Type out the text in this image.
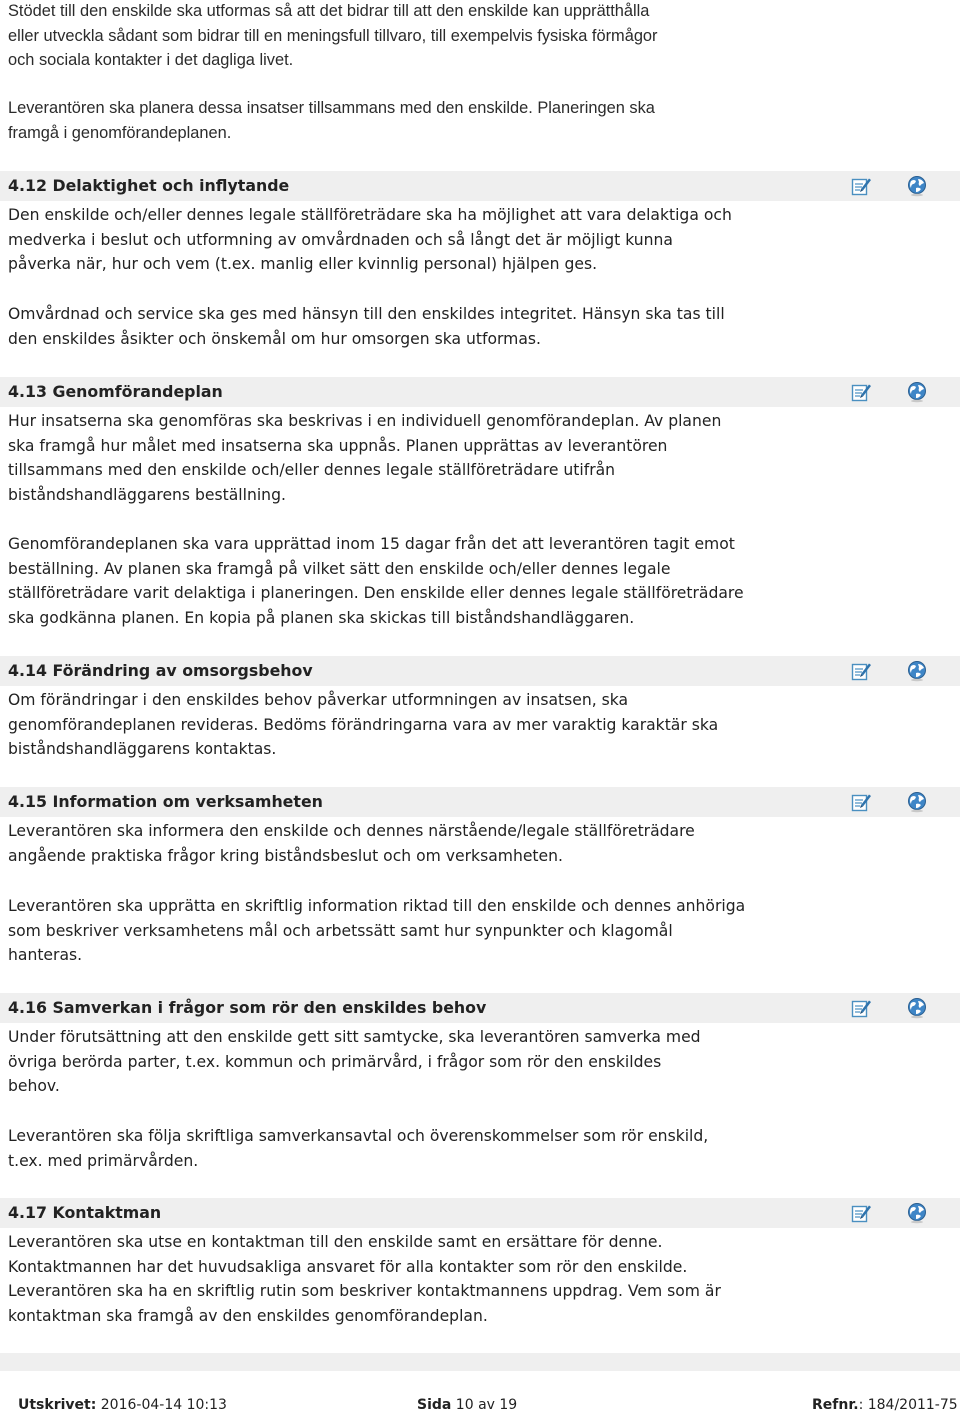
Stödet till den enskilde ska utformas så att det bidrar till att den enskilde kan upprätthålla
eller utveckla sådant som bidrar till en meningsfull tillvaro, till exempelvis fysiska förmågor
och sociala kontakter i det dagliga livet.

Leverantören ska planera dessa insatser tillsammans med den enskilde. Planeringen ska
framgå i genomförandeplanen.

4.12 Delaktighet och inflytande

Den enskilde och/eller dennes legale ställföreträdare ska ha möjlighet att vara delaktiga och
medverka i beslut och utformning av omvårdnaden och så långt det är möjligt kunna
påverka när, hur och vem (t.ex. manlig eller kvinnlig personal) hjälpen ges.

Omvårdnad och service ska ges med hänsyn till den enskildes integritet. Hänsyn ska tas till
den enskildes åsikter och önskemål om hur omsorgen ska utformas.

4.13 Genomförandeplan

Hur insatserna ska genomföras ska beskrivas i en individuell genomförandeplan. Av planen
ska framgå hur målet med insatserna ska uppnås. Planen upprättas av leverantören
tillsammans med den enskilde och/eller dennes legale ställföreträdare utifrån
biståndshandläggarens beställning.

Genomförandeplanen ska vara upprättad inom 15 dagar från det att leverantören tagit emot
beställning. Av planen ska framgå på vilket sätt den enskilde och/eller dennes legale
ställföreträdare varit delaktiga i planeringen. Den enskilde eller dennes legale ställföreträdare
ska godkänna planen. En kopia på planen ska skickas till biståndshandläggaren.

4.14 Förändring av omsorgsbehov

Om förändringar i den enskildes behov påverkar utformningen av insatsen, ska
genomförandeplanen revideras. Bedöms förändringarna vara av mer varaktig karaktär ska
biståndshandläggarens kontaktas.

4.15 Information om verksamheten

Leverantören ska informera den enskilde och dennes närstående/legale ställföreträdare
angående praktiska frågor kring biståndsbeslut och om verksamheten.

Leverantören ska upprätta en skriftlig information riktad till den enskilde och dennes anhöriga
som beskriver verksamhetens mål och arbetssätt samt hur synpunkter och klagomål
hanteras.

4.16 Samverkan i frågor som rör den enskildes behov

Under förutsättning att den enskilde gett sitt samtycke, ska leverantören samverka med
övriga berörda parter, t.ex. kommun och primärvård, i frågor som rör den enskildes
behov.

Leverantören ska följa skriftliga samverkansavtal och överenskommelser som rör enskild,
t.ex. med primärvården.

4.17 Kontaktman

Leverantören ska utse en kontaktman till den enskilde samt en ersättare för denne.
Kontaktmannen har det huvudsakliga ansvaret för alla kontakter som rör den enskilde.
Leverantören ska ha en skriftlig rutin som beskriver kontaktmannens uppdrag. Vem som är
kontaktman ska framgå av den enskildes genomförandeplan.

Utskrivet: 2016-04-14 10:13	Sida 10 av 19	Refnr.: 184/2011-75
